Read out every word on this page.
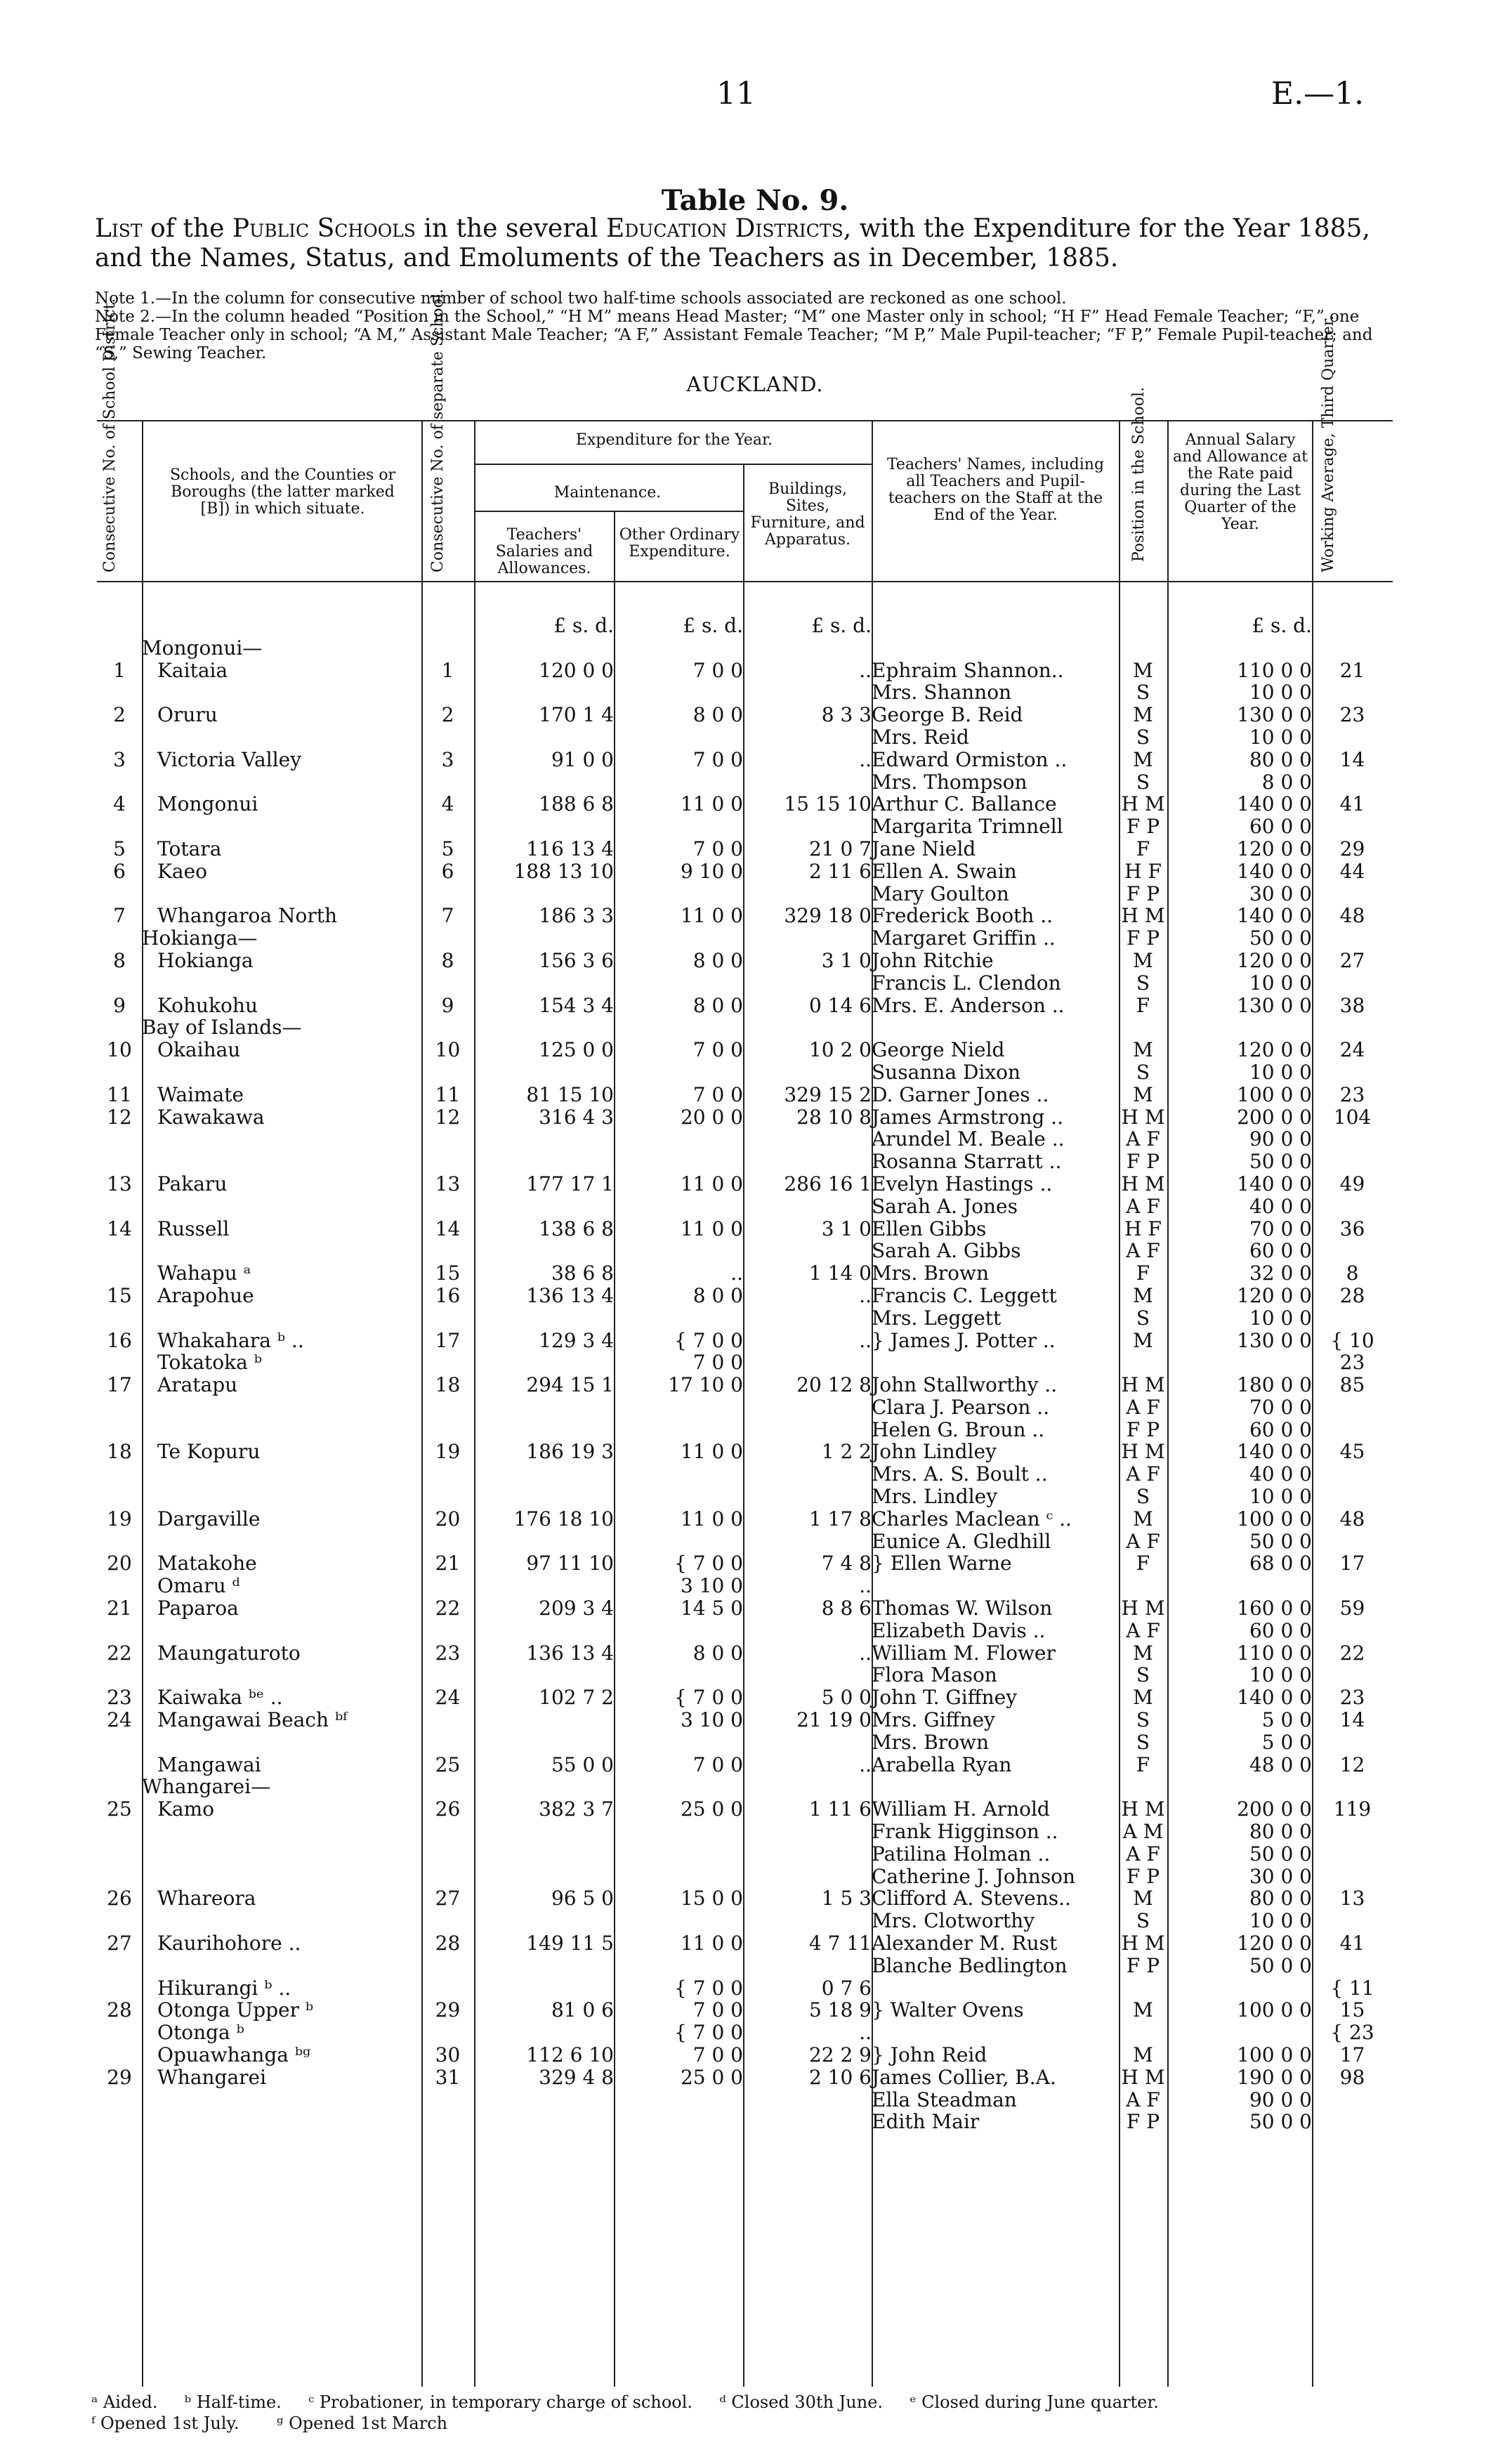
11	E.—1.
Table No. 9.
List of the Public Schools in the several Education Districts, with the Expenditure for the Year 1885, and the Names, Status, and Emoluments of the Teachers as in December, 1885.
Note 1.—In the column for consecutive number of school two half-time schools associated are reckoned as one school.
Note 2.—In the column headed “Position in the School,” “H M” means Head Master; “M” one Master only in school; “H F” Head Female Teacher; “F,” one Female Teacher only in school; “A M,” Assistant Male Teacher; “A F,” Assistant Female Teacher; “M P,” Male Pupil-teacher; “F P,” Female Pupil-teacher; and “S,” Sewing Teacher.
AUCKLAND.
Consecutive No. of School District.	Schools, and the Counties or Boroughs (the latter marked [B]) in which situate.	Consecutive No. of separate School.	Expenditure for the Year.
Maintenance.
Teachers' Salaries and Allowances.
Other Ordinary Expenditure.
Buildings, Sites, Furniture, and Apparatus.
Teachers' Names, including all Teachers and Pupil-teachers on the Staff at the End of the Year.	Position in the School.	Annual Salary and Allowance at the Rate paid during the Last Quarter of the Year.	Working Average, Third Quarter.
			£ s. d.	£ s. d.	£ s. d.			£ s. d.	
	Mongonui—								
1	Kaitaia	1	120 0 0	7 0 0	..	Ephraim Shannon..	M	110 0 0	21
						Mrs. Shannon	S	10 0 0	
2	Oruru	2	170 1 4	8 0 0	8 3 3	George B. Reid	M	130 0 0	23
						Mrs. Reid	S	10 0 0	
3	Victoria Valley	3	91 0 0	7 0 0	..	Edward Ormiston ..	M	80 0 0	14
						Mrs. Thompson	S	8 0 0	
4	Mongonui	4	188 6 8	11 0 0	15 15 10	Arthur C. Ballance	H M	140 0 0	41
						Margarita Trimnell	F P	60 0 0	
5	Totara	5	116 13 4	7 0 0	21 0 7	Jane Nield	F	120 0 0	29
6	Kaeo	6	188 13 10	9 10 0	2 11 6	Ellen A. Swain	H F	140 0 0	44
						Mary Goulton	F P	30 0 0	
7	Whangaroa North	7	186 3 3	11 0 0	329 18 0	Frederick Booth ..	H M	140 0 0	48
	Hokianga—					Margaret Griffin ..	F P	50 0 0	
8	Hokianga	8	156 3 6	8 0 0	3 1 0	John Ritchie	M	120 0 0	27
						Francis L. Clendon	S	10 0 0	
9	Kohukohu	9	154 3 4	8 0 0	0 14 6	Mrs. E. Anderson ..	F	130 0 0	38
	Bay of Islands—								
10	Okaihau	10	125 0 0	7 0 0	10 2 0	George Nield	M	120 0 0	24
						Susanna Dixon	S	10 0 0	
11	Waimate	11	81 15 10	7 0 0	329 15 2	D. Garner Jones ..	M	100 0 0	23
12	Kawakawa	12	316 4 3	20 0 0	28 10 8	James Armstrong ..	H M	200 0 0	104
						Arundel M. Beale ..	A F	90 0 0	
						Rosanna Starratt ..	F P	50 0 0	
13	Pakaru	13	177 17 1	11 0 0	286 16 1	Evelyn Hastings ..	H M	140 0 0	49
						Sarah A. Jones	A F	40 0 0	
14	Russell	14	138 6 8	11 0 0	3 1 0	Ellen Gibbs	H F	70 0 0	36
						Sarah A. Gibbs	A F	60 0 0	
	Wahapu ᵃ	15	38 6 8	..	1 14 0	Mrs. Brown	F	32 0 0	8
15	Arapohue	16	136 13 4	8 0 0	..	Francis C. Leggett	M	120 0 0	28
						Mrs. Leggett	S	10 0 0	
16	Whakahara ᵇ ..	17	129 3 4	{ 7 0 0	..	} James J. Potter ..	M	130 0 0	{ 10
	Tokatoka ᵇ			7 0 0					23
17	Aratapu	18	294 15 1	17 10 0	20 12 8	John Stallworthy ..	H M	180 0 0	85
						Clara J. Pearson ..	A F	70 0 0	
						Helen G. Broun ..	F P	60 0 0	
18	Te Kopuru	19	186 19 3	11 0 0	1 2 2	John Lindley	H M	140 0 0	45
						Mrs. A. S. Boult ..	A F	40 0 0	
						Mrs. Lindley	S	10 0 0	
19	Dargaville	20	176 18 10	11 0 0	1 17 8	Charles Maclean ᶜ ..	M	100 0 0	48
						Eunice A. Gledhill	A F	50 0 0	
20	Matakohe	21	97 11 10	{ 7 0 0	7 4 8	} Ellen Warne	F	68 0 0	17
	Omaru ᵈ			3 10 0	..				
21	Paparoa	22	209 3 4	14 5 0	8 8 6	Thomas W. Wilson	H M	160 0 0	59
						Elizabeth Davis ..	A F	60 0 0	
22	Maungaturoto	23	136 13 4	8 0 0	..	William M. Flower	M	110 0 0	22
						Flora Mason	S	10 0 0	
23	Kaiwaka ᵇᵉ ..	24	102 7 2	{ 7 0 0	5 0 0	John T. Giffney	M	140 0 0	23
24	Mangawai Beach ᵇᶠ			3 10 0	21 19 0	Mrs. Giffney	S	5 0 0	14
						Mrs. Brown	S	5 0 0	
	Mangawai	25	55 0 0	7 0 0	..	Arabella Ryan	F	48 0 0	12
	Whangarei—								
25	Kamo	26	382 3 7	25 0 0	1 11 6	William H. Arnold	H M	200 0 0	119
						Frank Higginson ..	A M	80 0 0	
						Patilina Holman ..	A F	50 0 0	
						Catherine J. Johnson	F P	30 0 0	
26	Whareora	27	96 5 0	15 0 0	1 5 3	Clifford A. Stevens..	M	80 0 0	13
						Mrs. Clotworthy	S	10 0 0	
27	Kaurihohore ..	28	149 11 5	11 0 0	4 7 11	Alexander M. Rust	H M	120 0 0	41
						Blanche Bedlington	F P	50 0 0	
	Hikurangi ᵇ ..			{ 7 0 0	0 7 6				{ 11
28	Otonga Upper ᵇ	29	81 0 6	7 0 0	5 18 9	} Walter Ovens	M	100 0 0	15
	Otonga ᵇ			{ 7 0 0	..				{ 23
	Opuawhanga ᵇᵍ	30	112 6 10	7 0 0	22 2 9	} John Reid	M	100 0 0	17
29	Whangarei	31	329 4 8	25 0 0	2 10 6	James Collier, B.A.	H M	190 0 0	98
						Ella Steadman	A F	90 0 0	
						Edith Mair	F P	50 0 0	
ᵃ Aided. ᵇ Half-time. ᶜ Probationer, in temporary charge of school. ᵈ Closed 30th June. ᵉ Closed during June quarter.
ᶠ Opened 1st July. ᵍ Opened 1st March
